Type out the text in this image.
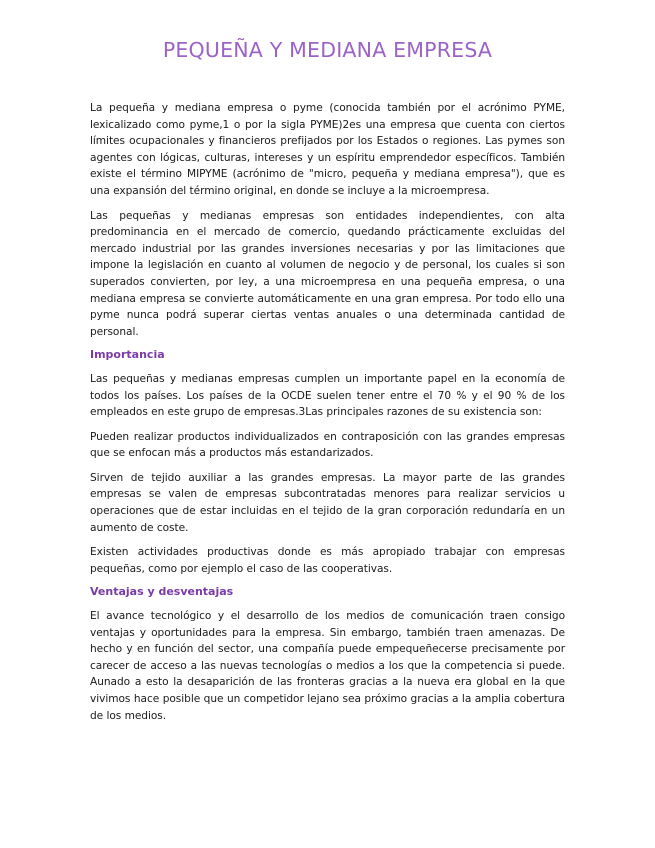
PEQUEÑA Y MEDIANA EMPRESA

La pequeña y mediana empresa o pyme (conocida también por el acrónimo PYME, lexicalizado como pyme,1 o por la sigla PYME)2es una empresa que cuenta con ciertos límites ocupacionales y financieros prefijados por los Estados o regiones. Las pymes son agentes con lógicas, culturas, intereses y un espíritu emprendedor específicos. También existe el término MIPYME (acrónimo de "micro, pequeña y mediana empresa"), que es una expansión del término original, en donde se incluye a la microempresa.

Las pequeñas y medianas empresas son entidades independientes, con alta predominancia en el mercado de comercio, quedando prácticamente excluidas del mercado industrial por las grandes inversiones necesarias y por las limitaciones que impone la legislación en cuanto al volumen de negocio y de personal, los cuales si son superados convierten, por ley, a una microempresa en una pequeña empresa, o una mediana empresa se convierte automáticamente en una gran empresa. Por todo ello una pyme nunca podrá superar ciertas ventas anuales o una determinada cantidad de personal.

Importancia

Las pequeñas y medianas empresas cumplen un importante papel en la economía de todos los países. Los países de la OCDE suelen tener entre el 70 % y el 90 % de los empleados en este grupo de empresas.3Las principales razones de su existencia son:

Pueden realizar productos individualizados en contraposición con las grandes empresas que se enfocan más a productos más estandarizados.

Sirven de tejido auxiliar a las grandes empresas. La mayor parte de las grandes empresas se valen de empresas subcontratadas menores para realizar servicios u operaciones que de estar incluidas en el tejido de la gran corporación redundaría en un aumento de coste.

Existen actividades productivas donde es más apropiado trabajar con empresas pequeñas, como por ejemplo el caso de las cooperativas.

Ventajas y desventajas

El avance tecnológico y el desarrollo de los medios de comunicación traen consigo ventajas y oportunidades para la empresa. Sin embargo, también traen amenazas. De hecho y en función del sector, una compañía puede empequeñecerse precisamente por carecer de acceso a las nuevas tecnologías o medios a los que la competencia si puede. Aunado a esto la desaparición de las fronteras gracias a la nueva era global en la que vivimos hace posible que un competidor lejano sea próximo gracias a la amplia cobertura de los medios.
